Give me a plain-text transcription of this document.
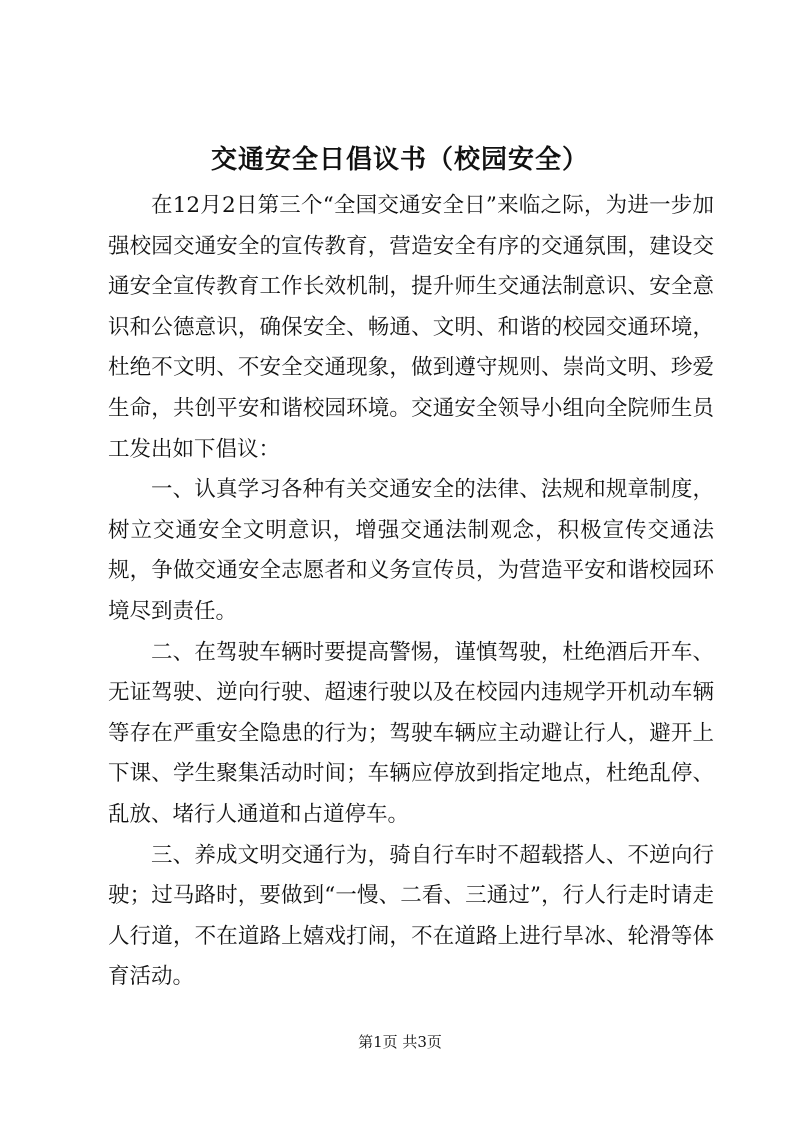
交通安全日倡议书（校园安全）

在12月2日第三个“全国交通安全日”来临之际，为进一步加强校园交通安全的宣传教育，营造安全有序的交通氛围，建设交通安全宣传教育工作长效机制，提升师生交通法制意识、安全意识和公德意识，确保安全、畅通、文明、和谐的校园交通环境，杜绝不文明、不安全交通现象，做到遵守规则、崇尚文明、珍爱生命，共创平安和谐校园环境。交通安全领导小组向全院师生员工发出如下倡议：

一、认真学习各种有关交通安全的法律、法规和规章制度，树立交通安全文明意识，增强交通法制观念，积极宣传交通法规，争做交通安全志愿者和义务宣传员，为营造平安和谐校园环境尽到责任。

二、在驾驶车辆时要提高警惕，谨慎驾驶，杜绝酒后开车、无证驾驶、逆向行驶、超速行驶以及在校园内违规学开机动车辆等存在严重安全隐患的行为；驾驶车辆应主动避让行人，避开上下课、学生聚集活动时间；车辆应停放到指定地点，杜绝乱停、乱放、堵行人通道和占道停车。

三、养成文明交通行为，骑自行车时不超载搭人、不逆向行驶；过马路时，要做到“一慢、二看、三通过”，行人行走时请走人行道，不在道路上嬉戏打闹，不在道路上进行旱冰、轮滑等体育活动。

第1页 共3页
